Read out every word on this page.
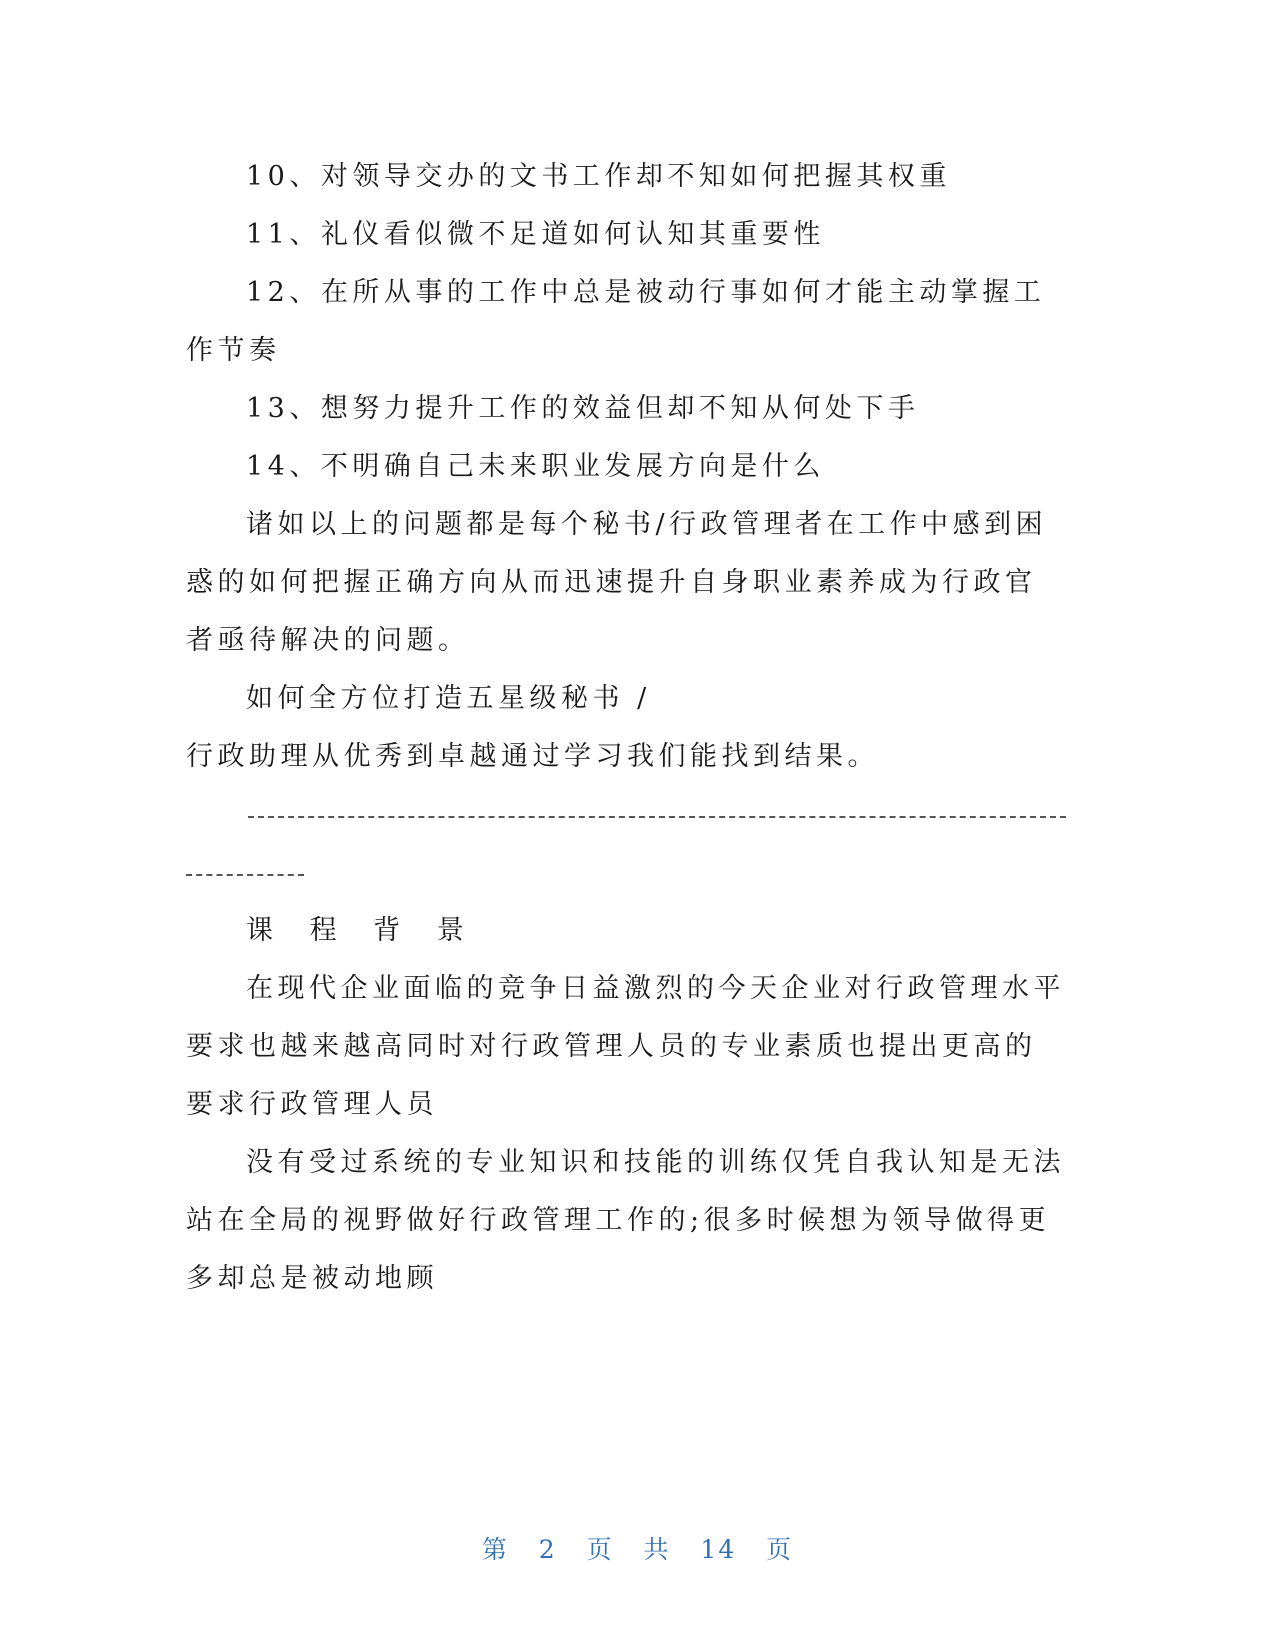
10、对领导交办的文书工作却不知如何把握其权重

11、礼仪看似微不足道如何认知其重要性

12、在所从事的工作中总是被动行事如何才能主动掌握工作节奏

13、想努力提升工作的效益但却不知从何处下手

14、不明确自己未来职业发展方向是什么

诸如以上的问题都是每个秘书/行政管理者在工作中感到困惑的如何把握正确方向从而迅速提升自身职业素养成为行政官者亟待解决的问题。

如何全方位打造五星级秘书 /

行政助理从优秀到卓越通过学习我们能找到结果。

课 程 背 景

在现代企业面临的竞争日益激烈的今天企业对行政管理水平要求也越来越高同时对行政管理人员的专业素质也提出更高的要求行政管理人员

没有受过系统的专业知识和技能的训练仅凭自我认知是无法站在全局的视野做好行政管理工作的;很多时候想为领导做得更多却总是被动地顾

第 2 页 共 14 页
